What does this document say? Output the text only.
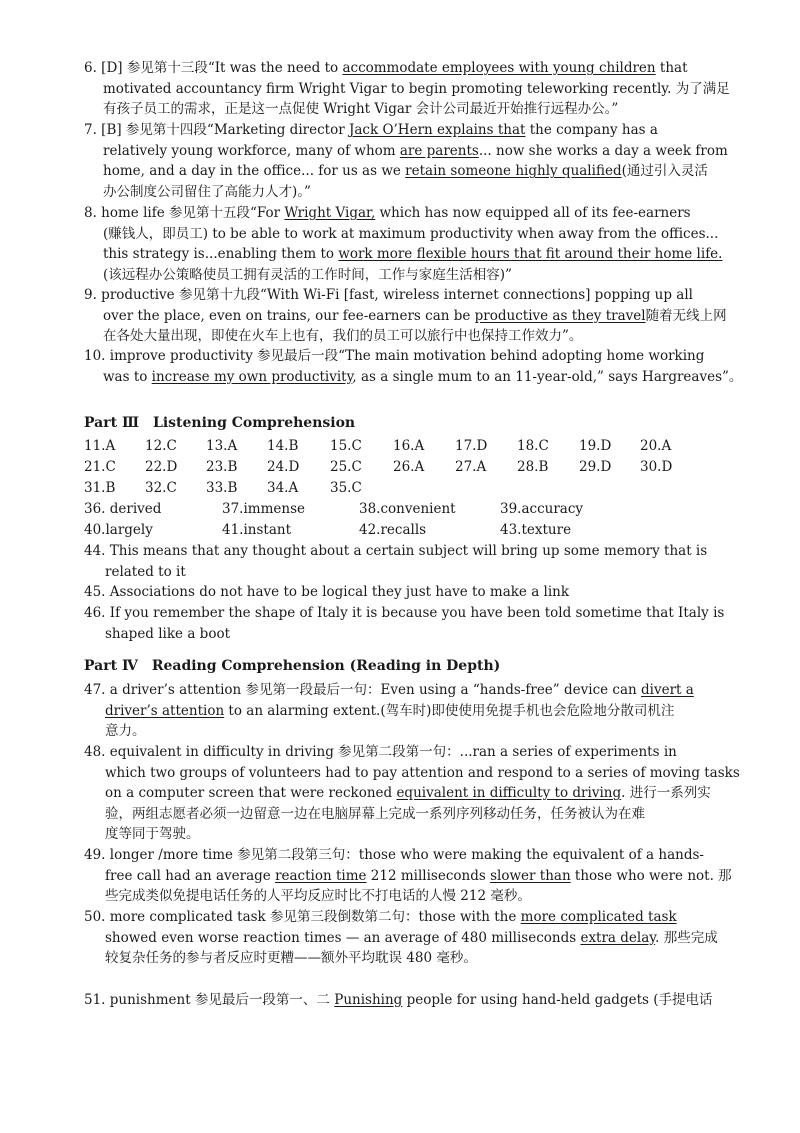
6. [D] 参见第十三段“It was the need to accommodate employees with young children that
motivated accountancy firm Wright Vigar to begin promoting teleworking recently. 为了满足
有孩子员工的需求，正是这一点促使 Wright Vigar 会计公司最近开始推行远程办公。”
7. [B] 参见第十四段“Marketing director Jack O’Hern explains that the company has a
relatively young workforce, many of whom are parents... now she works a day a week from
home, and a day in the office... for us as we retain someone highly qualified(通过引入灵活
办公制度公司留住了高能力人才)。”
8. home life 参见第十五段“For Wright Vigar, which has now equipped all of its fee-earners
(赚钱人，即员工) to be able to work at maximum productivity when away from the offices...
this strategy is...enabling them to work more flexible hours that fit around their home life.
(该远程办公策略使员工拥有灵活的工作时间，工作与家庭生活相容)”
9. productive 参见第十九段“With Wi-Fi [fast, wireless internet connections] popping up all
over the place, even on trains, our fee-earners can be productive as they travel随着无线上网
在各处大量出现，即使在火车上也有，我们的员工可以旅行中也保持工作效力”。
10. improve productivity 参见最后一段“The main motivation behind adopting home working
was to increase my own productivity, as a single mum to an 11-year-old,” says Hargreaves”。
Part Ⅲ Listening Comprehension
11.A 12.C 13.A 14.B 15.C 16.A 17.D 18.C 19.D 20.A
21.C 22.D 23.B 24.D 25.C 26.A 27.A 28.B 29.D 30.D
31.B 32.C 33.B 34.A 35.C
36. derived	37.immense	38.convenient	39.accuracy
40.largely	41.instant	42.recalls	43.texture
44. This means that any thought about a certain subject will bring up some memory that is
related to it
45. Associations do not have to be logical they just have to make a link
46. If you remember the shape of Italy it is because you have been told sometime that Italy is
shaped like a boot
Part Ⅳ Reading Comprehension (Reading in Depth)
47. a driver’s attention 参见第一段最后一句：Even using a “hands-free” device can divert a
driver’s attention to an alarming extent.(驾车时)即使使用免提手机也会危险地分散司机注
意力。
48. equivalent in difficulty in driving 参见第二段第一句：...ran a series of experiments in
which two groups of volunteers had to pay attention and respond to a series of moving tasks
on a computer screen that were reckoned equivalent in difficulty to driving. 进行一系列实
验，两组志愿者必须一边留意一边在电脑屏幕上完成一系列序列移动任务，任务被认为在难
度等同于驾驶。
49. longer /more time 参见第二段第三句：those who were making the equivalent of a hands-
free call had an average reaction time 212 milliseconds slower than those who were not. 那
些完成类似免提电话任务的人平均反应时比不打电话的人慢 212 毫秒。
50. more complicated task 参见第三段倒数第二句：those with the more complicated task
showed even worse reaction times — an average of 480 milliseconds extra delay. 那些完成
较复杂任务的参与者反应时更糟——额外平均耽误 480 毫秒。
51. punishment 参见最后一段第一、二 Punishing people for using hand-held gadgets (手提电话
